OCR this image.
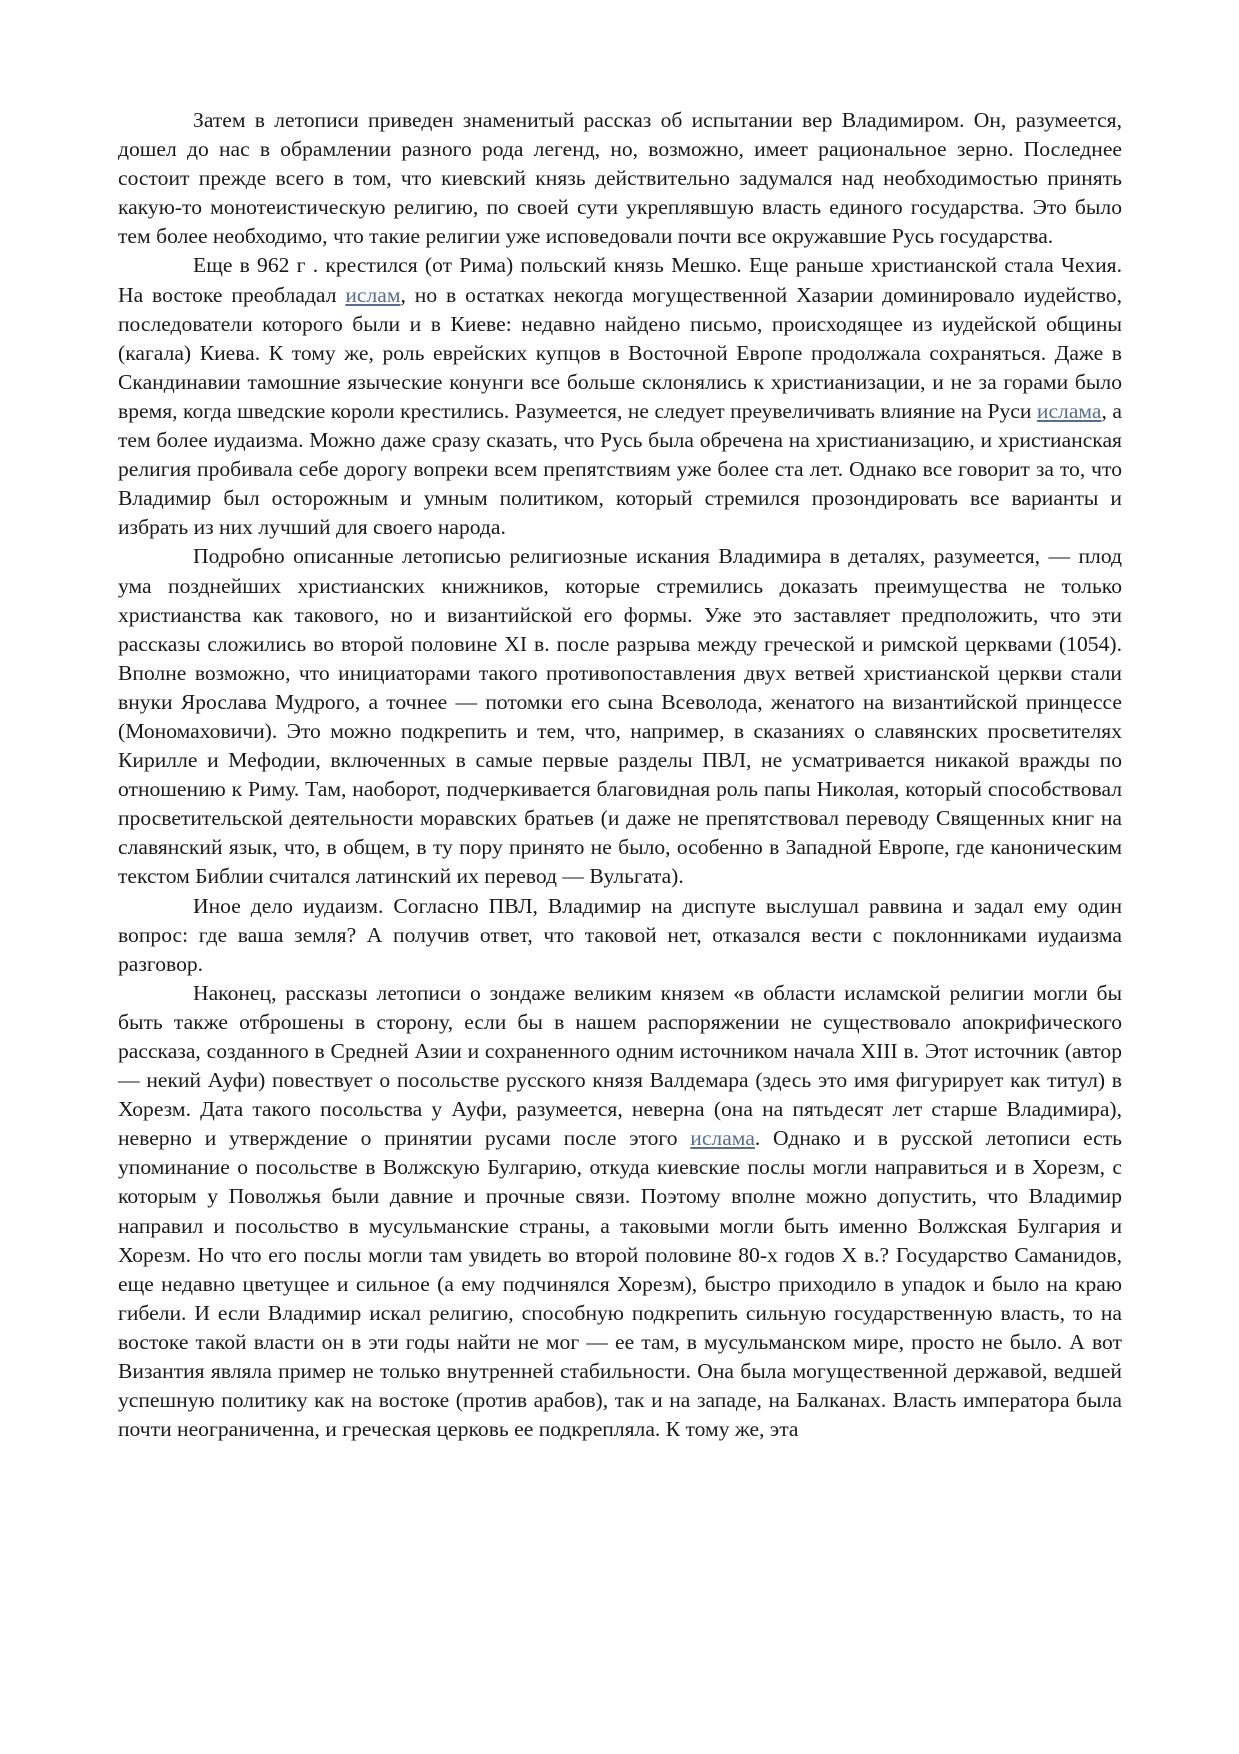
Затем в летописи приведен знаменитый рассказ об испытании вер Владимиром. Он, разумеется, дошел до нас в обрамлении разного рода легенд, но, возможно, имеет рациональное зерно. Последнее состоит прежде всего в том, что киевский князь действительно задумался над необходимостью принять какую-то монотеистическую религию, по своей сути укреплявшую власть единого государства. Это было тем более необходимо, что такие религии уже исповедовали почти все окружавшие Русь государства.

Еще в 962 г . крестился (от Рима) польский князь Мешко. Еще раньше христианской стала Чехия. На востоке преобладал ислам, но в остатках некогда могущественной Хазарии доминировало иудейство, последователи которого были и в Киеве: недавно найдено письмо, происходящее из иудейской общины (кагала) Киева. К тому же, роль еврейских купцов в Восточной Европе продолжала сохраняться. Даже в Скандинавии тамошние языческие конунги все больше склонялись к христианизации, и не за горами было время, когда шведские короли крестились. Разумеется, не следует преувеличивать влияние на Руси ислама, а тем более иудаизма. Можно даже сразу сказать, что Русь была обречена на христианизацию, и христианская религия пробивала себе дорогу вопреки всем препятствиям уже более ста лет. Однако все говорит за то, что Владимир был осторожным и умным политиком, который стремился прозондировать все варианты и избрать из них лучший для своего народа.

Подробно описанные летописью религиозные искания Владимира в деталях, разумеется, — плод ума позднейших христианских книжников, которые стремились доказать преимущества не только христианства как такового, но и византийской его формы. Уже это заставляет предположить, что эти рассказы сложились во второй половине XI в. после разрыва между греческой и римской церквами (1054). Вполне возможно, что инициаторами такого противопоставления двух ветвей христианской церкви стали внуки Ярослава Мудрого, а точнее — потомки его сына Всеволода, женатого на византийской принцессе (Мономаховичи). Это можно подкрепить и тем, что, например, в сказаниях о славянских просветителях Кирилле и Мефодии, включенных в самые первые разделы ПВЛ, не усматривается никакой вражды по отношению к Риму. Там, наоборот, подчеркивается благовидная роль папы Николая, который способствовал просветительской деятельности моравских братьев (и даже не препятствовал переводу Священных книг на славянский язык, что, в общем, в ту пору принято не было, особенно в Западной Европе, где каноническим текстом Библии считался латинский их перевод — Вульгата).

Иное дело иудаизм. Согласно ПВЛ, Владимир на диспуте выслушал раввина и задал ему один вопрос: где ваша земля? А получив ответ, что таковой нет, отказался вести с поклонниками иудаизма разговор.

Наконец, рассказы летописи о зондаже великим князем «в области исламской религии могли бы быть также отброшены в сторону, если бы в нашем распоряжении не существовало апокрифического рассказа, созданного в Средней Азии и сохраненного одним источником начала XIII в. Этот источник (автор — некий Ауфи) повествует о посольстве русского князя Валдемара (здесь это имя фигурирует как титул) в Хорезм. Дата такого посольства у Ауфи, разумеется, неверна (она на пятьдесят лет старше Владимира), неверно и утверждение о принятии русами после этого ислама. Однако и в русской летописи есть упоминание о посольстве в Волжскую Булгарию, откуда киевские послы могли направиться и в Хорезм, с которым у Поволжья были давние и прочные связи. Поэтому вполне можно допустить, что Владимир направил и посольство в мусульманские страны, а таковыми могли быть именно Волжская Булгария и Хорезм. Но что его послы могли там увидеть во второй половине 80-х годов X в.? Государство Саманидов, еще недавно цветущее и сильное (а ему подчинялся Хорезм), быстро приходило в упадок и было на краю гибели. И если Владимир искал религию, способную подкрепить сильную государственную власть, то на востоке такой власти он в эти годы найти не мог — ее там, в мусульманском мире, просто не было. А вот Византия являла пример не только внутренней стабильности. Она была могущественной державой, ведшей успешную политику как на востоке (против арабов), так и на западе, на Балканах. Власть императора была почти неограниченна, и греческая церковь ее подкрепляла. К тому же, эта
